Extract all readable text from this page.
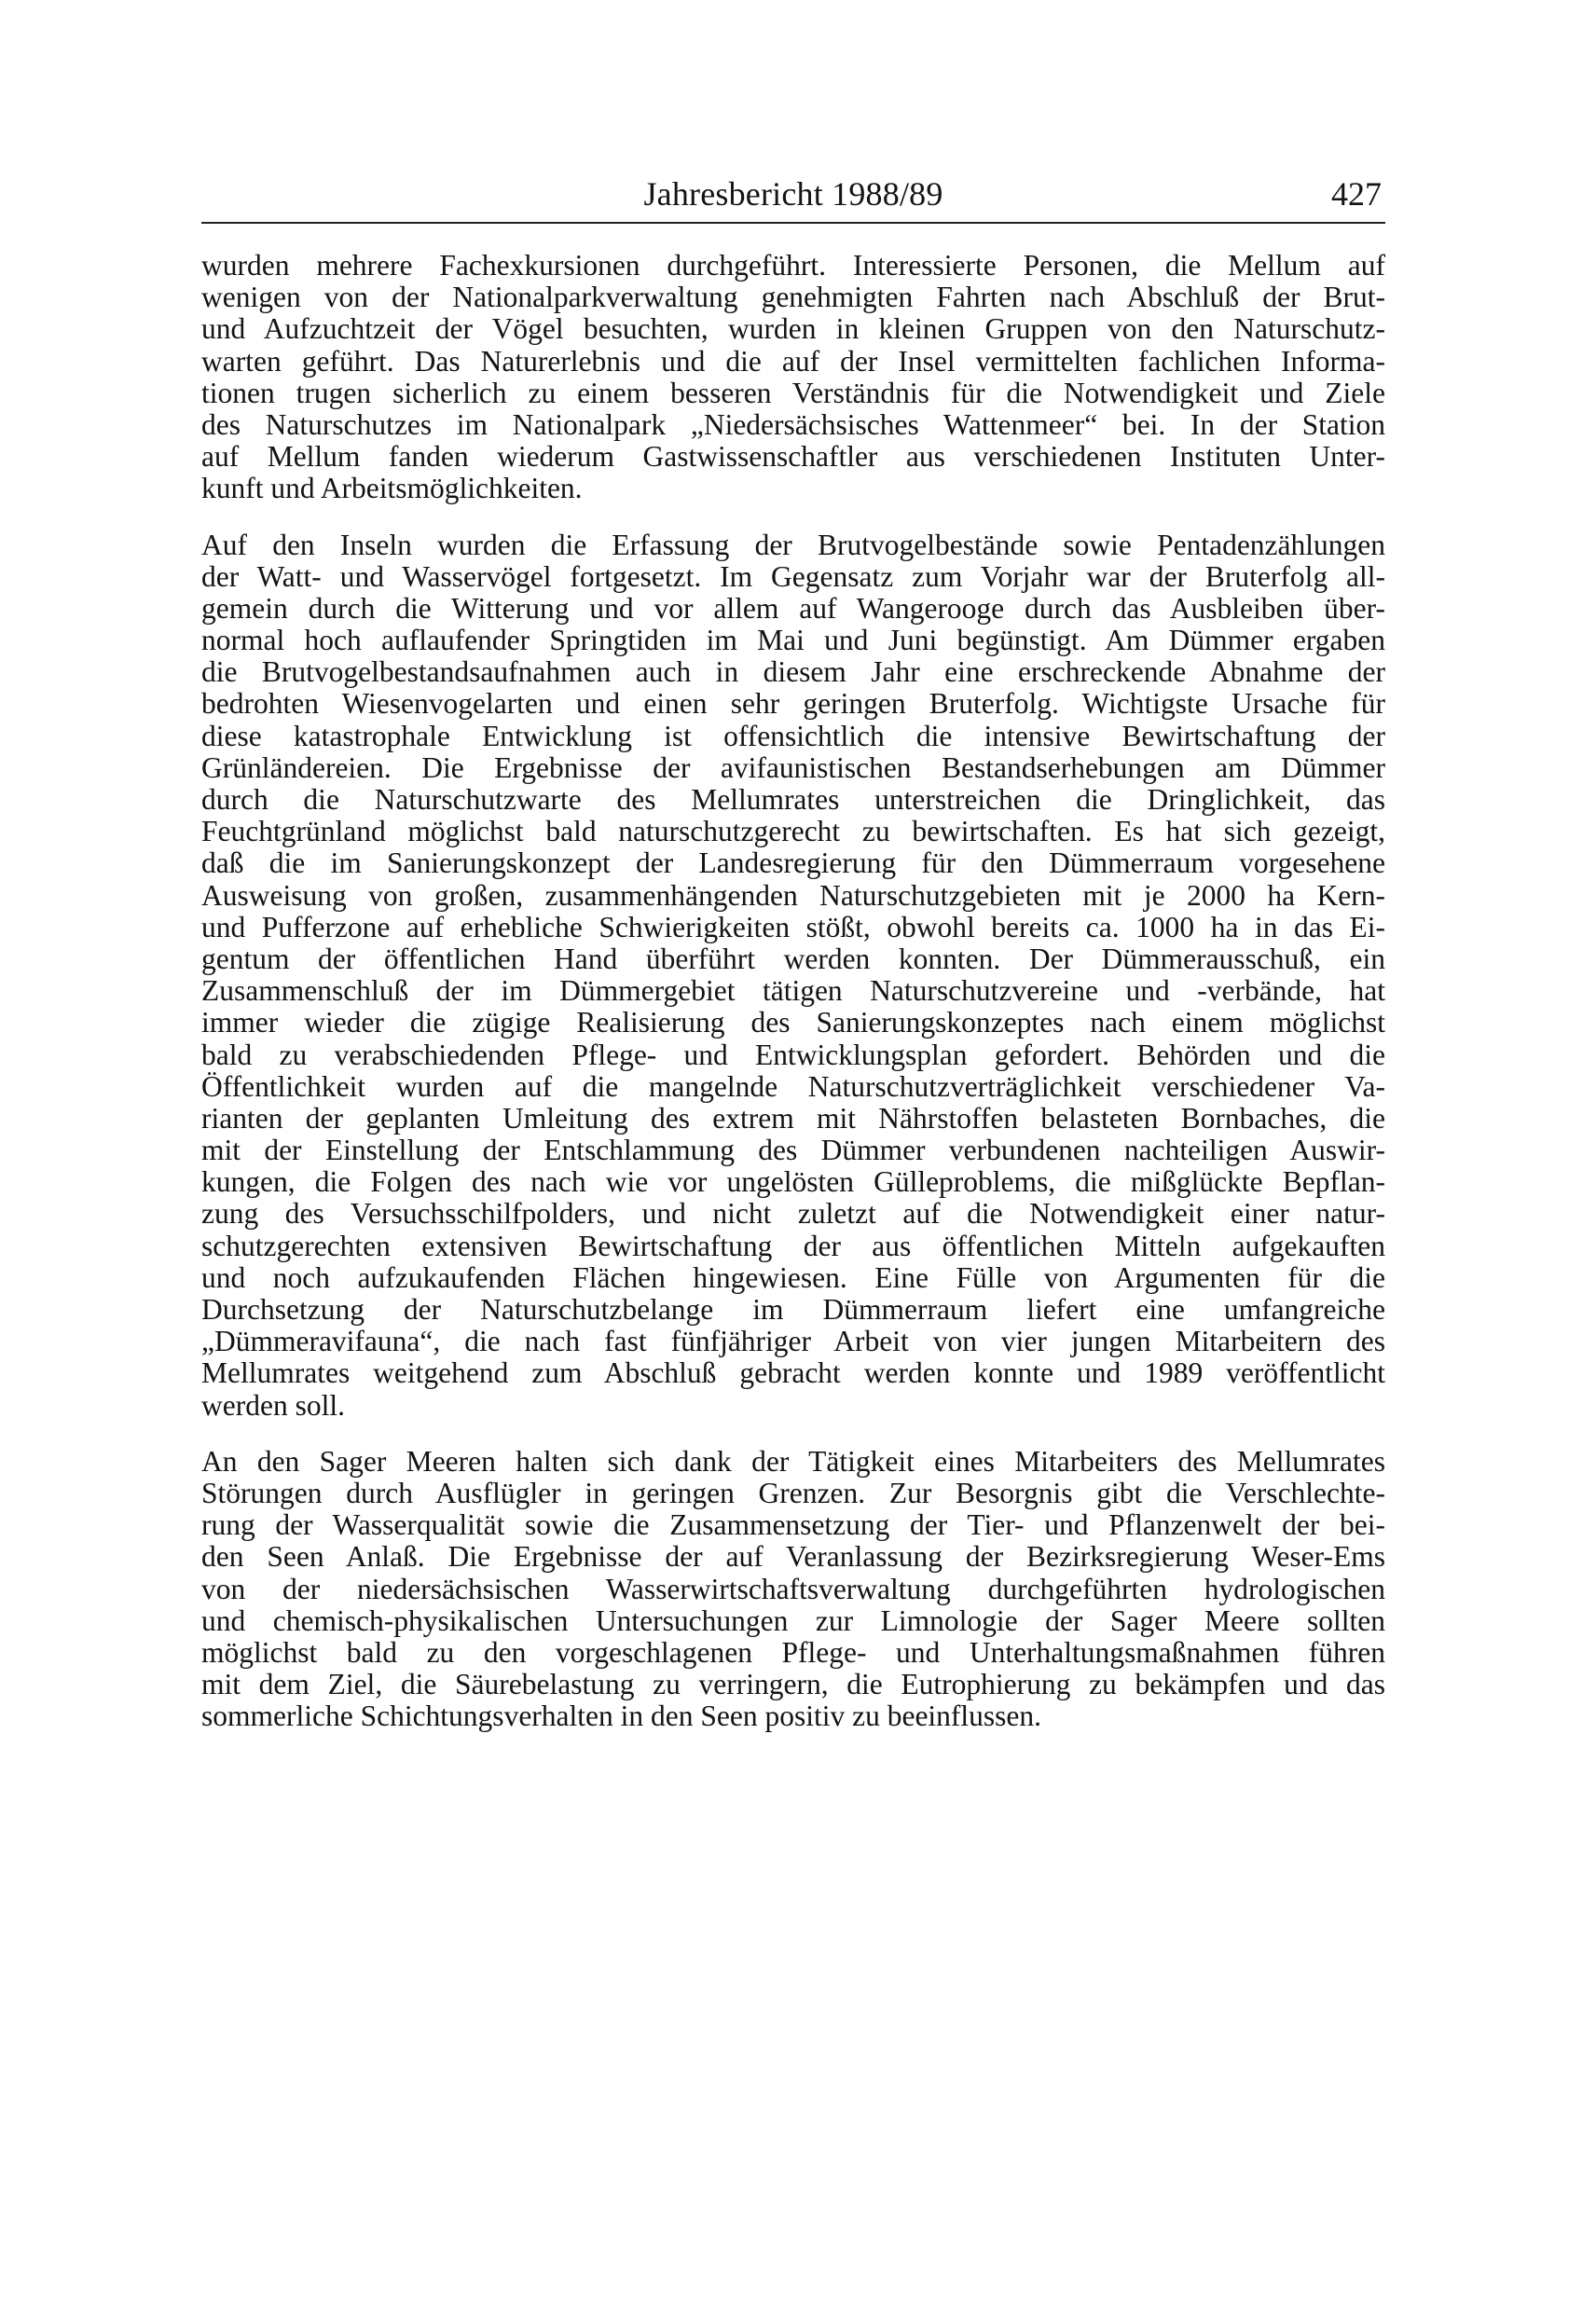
Jahresbericht 1988/89	427
wurden mehrere Fachexkursionen durchgeführt. Interessierte Personen, die Mellum auf
wenigen von der Nationalparkverwaltung genehmigten Fahrten nach Abschluß der Brut-
und Aufzuchtzeit der Vögel besuchten, wurden in kleinen Gruppen von den Naturschutz-
warten geführt. Das Naturerlebnis und die auf der Insel vermittelten fachlichen Informa-
tionen trugen sicherlich zu einem besseren Verständnis für die Notwendigkeit und Ziele
des Naturschutzes im Nationalpark „Niedersächsisches Wattenmeer“ bei. In der Station
auf Mellum fanden wiederum Gastwissenschaftler aus verschiedenen Instituten Unter-
kunft und Arbeitsmöglichkeiten.
Auf den Inseln wurden die Erfassung der Brutvogelbestände sowie Pentadenzählungen
der Watt- und Wasservögel fortgesetzt. Im Gegensatz zum Vorjahr war der Bruterfolg all-
gemein durch die Witterung und vor allem auf Wangerooge durch das Ausbleiben über-
normal hoch auflaufender Springtiden im Mai und Juni begünstigt. Am Dümmer ergaben
die Brutvogelbestandsaufnahmen auch in diesem Jahr eine erschreckende Abnahme der
bedrohten Wiesenvogelarten und einen sehr geringen Bruterfolg. Wichtigste Ursache für
diese katastrophale Entwicklung ist offensichtlich die intensive Bewirtschaftung der
Grünländereien. Die Ergebnisse der avifaunistischen Bestandserhebungen am Dümmer
durch die Naturschutzwarte des Mellumrates unterstreichen die Dringlichkeit, das
Feuchtgrünland möglichst bald naturschutzgerecht zu bewirtschaften. Es hat sich gezeigt,
daß die im Sanierungskonzept der Landesregierung für den Dümmerraum vorgesehene
Ausweisung von großen, zusammenhängenden Naturschutzgebieten mit je 2000 ha Kern-
und Pufferzone auf erhebliche Schwierigkeiten stößt, obwohl bereits ca. 1000 ha in das Ei-
gentum der öffentlichen Hand überführt werden konnten. Der Dümmerausschuß, ein
Zusammenschluß der im Dümmergebiet tätigen Naturschutzvereine und -verbände, hat
immer wieder die zügige Realisierung des Sanierungskonzeptes nach einem möglichst
bald zu verabschiedenden Pflege- und Entwicklungsplan gefordert. Behörden und die
Öffentlichkeit wurden auf die mangelnde Naturschutzverträglichkeit verschiedener Va-
rianten der geplanten Umleitung des extrem mit Nährstoffen belasteten Bornbaches, die
mit der Einstellung der Entschlammung des Dümmer verbundenen nachteiligen Auswir-
kungen, die Folgen des nach wie vor ungelösten Gülleproblems, die mißglückte Bepflan-
zung des Versuchsschilfpolders, und nicht zuletzt auf die Notwendigkeit einer natur-
schutzgerechten extensiven Bewirtschaftung der aus öffentlichen Mitteln aufgekauften
und noch aufzukaufenden Flächen hingewiesen. Eine Fülle von Argumenten für die
Durchsetzung der Naturschutzbelange im Dümmerraum liefert eine umfangreiche
„Dümmeravifauna“, die nach fast fünfjähriger Arbeit von vier jungen Mitarbeitern des
Mellumrates weitgehend zum Abschluß gebracht werden konnte und 1989 veröffentlicht
werden soll.
An den Sager Meeren halten sich dank der Tätigkeit eines Mitarbeiters des Mellumrates
Störungen durch Ausflügler in geringen Grenzen. Zur Besorgnis gibt die Verschlechte-
rung der Wasserqualität sowie die Zusammensetzung der Tier- und Pflanzenwelt der bei-
den Seen Anlaß. Die Ergebnisse der auf Veranlassung der Bezirksregierung Weser-Ems
von der niedersächsischen Wasserwirtschaftsverwaltung durchgeführten hydrologischen
und chemisch-physikalischen Untersuchungen zur Limnologie der Sager Meere sollten
möglichst bald zu den vorgeschlagenen Pflege- und Unterhaltungsmaßnahmen führen
mit dem Ziel, die Säurebelastung zu verringern, die Eutrophierung zu bekämpfen und das
sommerliche Schichtungsverhalten in den Seen positiv zu beeinflussen.
